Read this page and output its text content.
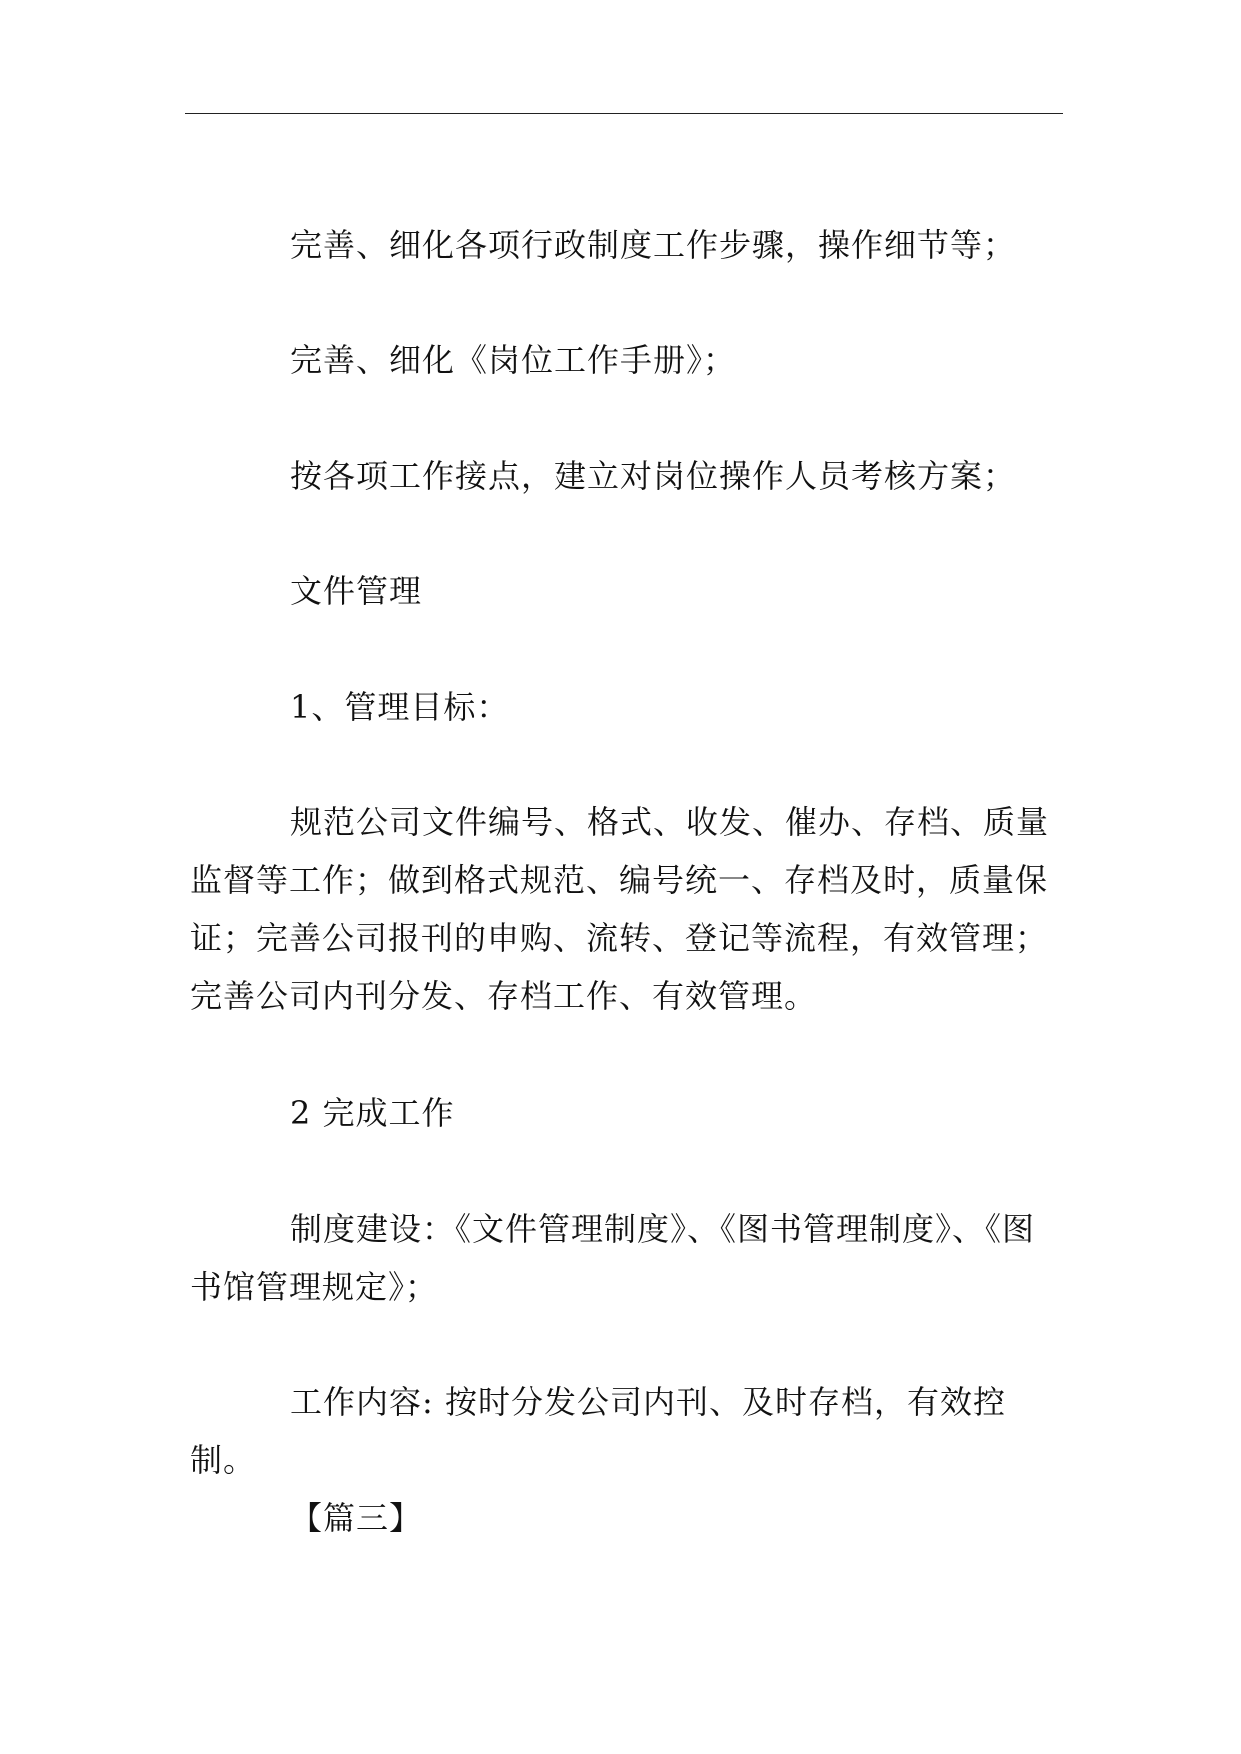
完善、细化各项行政制度工作步骤，操作细节等；

完善、细化《岗位工作手册》；

按各项工作接点，建立对岗位操作人员考核方案；

文件管理

1、管理目标：

规范公司文件编号、格式、收发、催办、存档、质量监督等工作；做到格式规范、编号统一、存档及时，质量保证；完善公司报刊的申购、流转、登记等流程，有效管理；完善公司内刊分发、存档工作、有效管理。

2 完成工作

制度建设：《文件管理制度》、《图书管理制度》、《图书馆管理规定》；

工作内容: 按时分发公司内刊、及时存档，有效控制。

【篇三】
